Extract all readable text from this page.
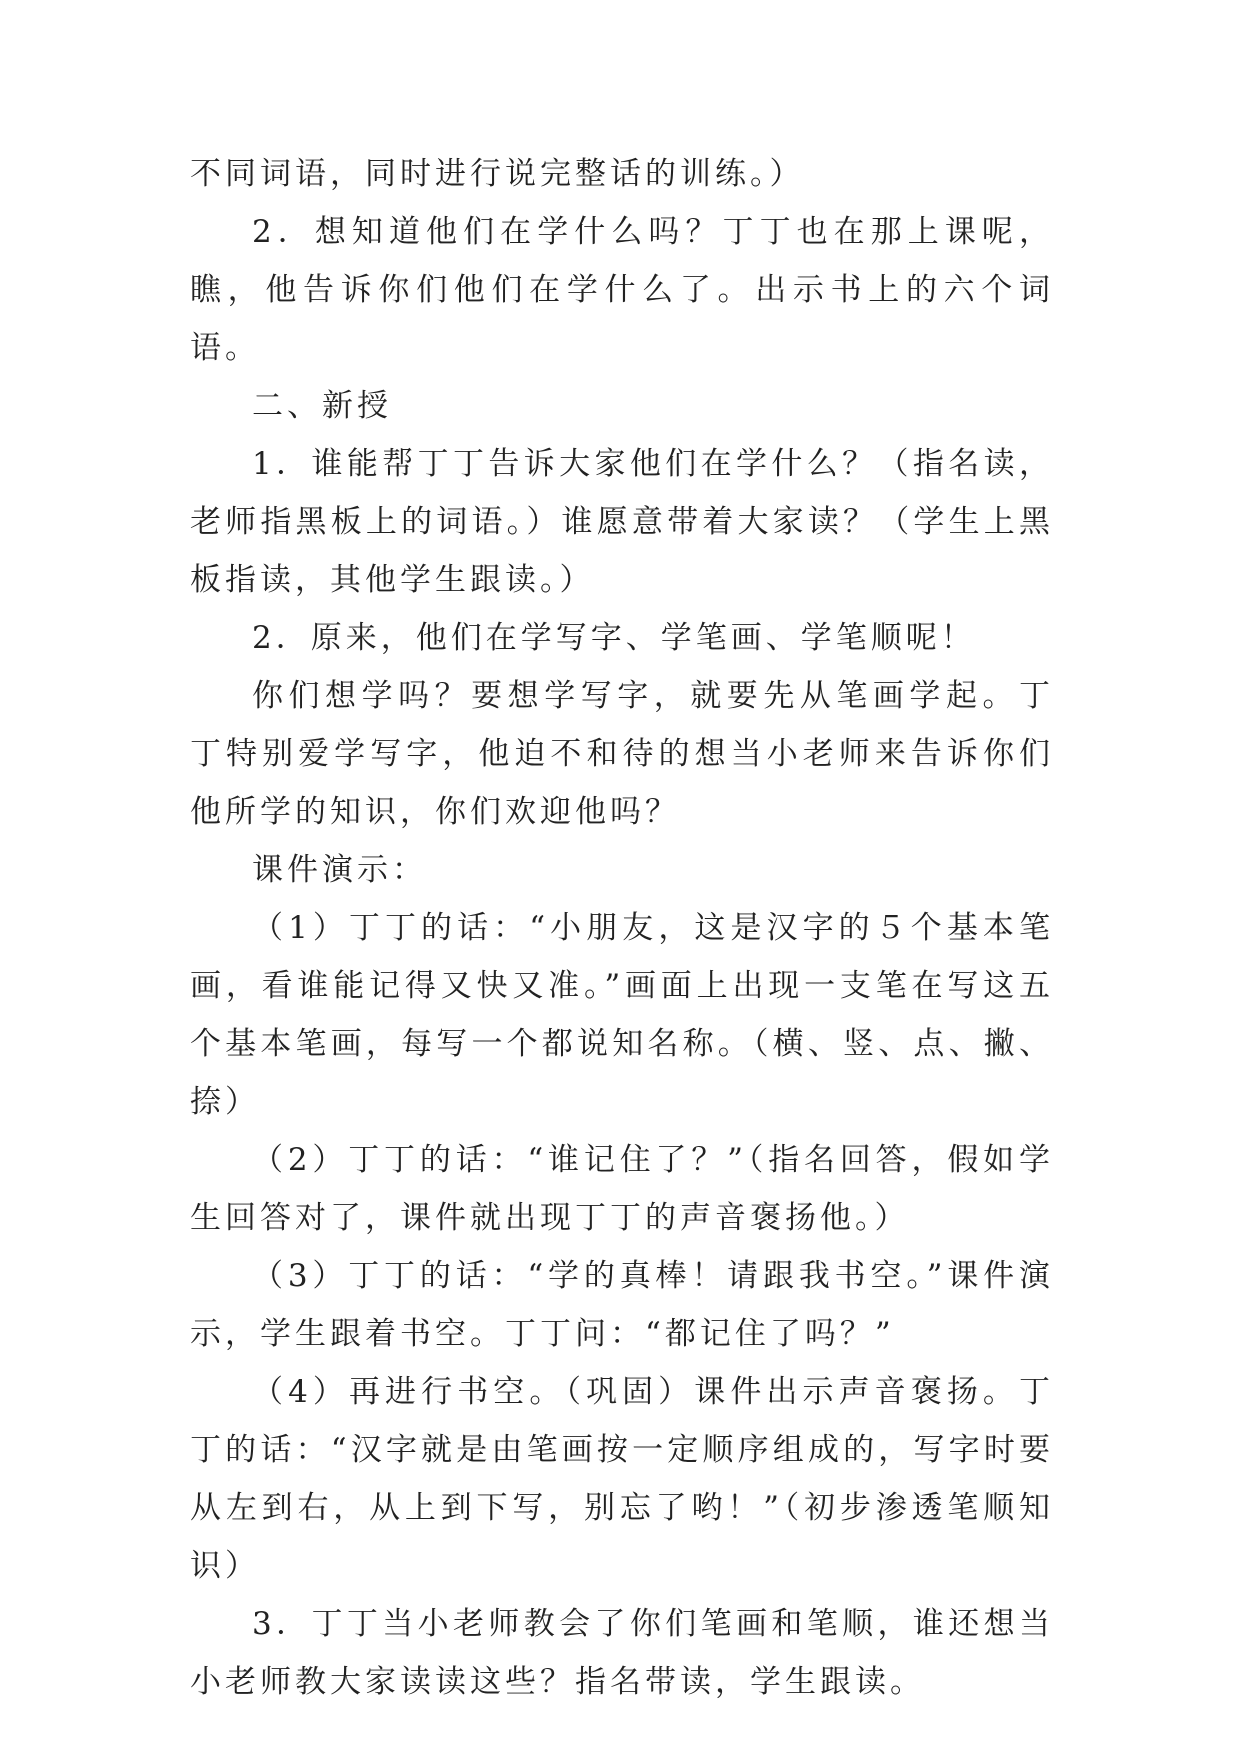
不同词语，同时进行说完整话的训练。）

2．想知道他们在学什么吗？丁丁也在那上课呢，瞧，他告诉你们他们在学什么了。出示书上的六个词语。

二、新授

1．谁能帮丁丁告诉大家他们在学什么？（指名读，老师指黑板上的词语。）谁愿意带着大家读？（学生上黑板指读，其他学生跟读。）

2．原来，他们在学写字、学笔画、学笔顺呢！

你们想学吗？要想学写字，就要先从笔画学起。丁丁特别爱学写字，他迫不和待的想当小老师来告诉你们他所学的知识，你们欢迎他吗？

课件演示：

（1）丁丁的话：“小朋友，这是汉字的５个基本笔画，看谁能记得又快又准。”画面上出现一支笔在写这五个基本笔画，每写一个都说知名称。（横、竖、点、撇、捺）

（2）丁丁的话：“谁记住了？”（指名回答，假如学生回答对了，课件就出现丁丁的声音褒扬他。）

（3）丁丁的话：“学的真棒！请跟我书空。”课件演示，学生跟着书空。丁丁问：“都记住了吗？”

（4）再进行书空。（巩固）课件出示声音褒扬。丁丁的话：“汉字就是由笔画按一定顺序组成的，写字时要从左到右，从上到下写，别忘了哟！”（初步渗透笔顺知识）

3．丁丁当小老师教会了你们笔画和笔顺，谁还想当小老师教大家读读这些？指名带读，学生跟读。
